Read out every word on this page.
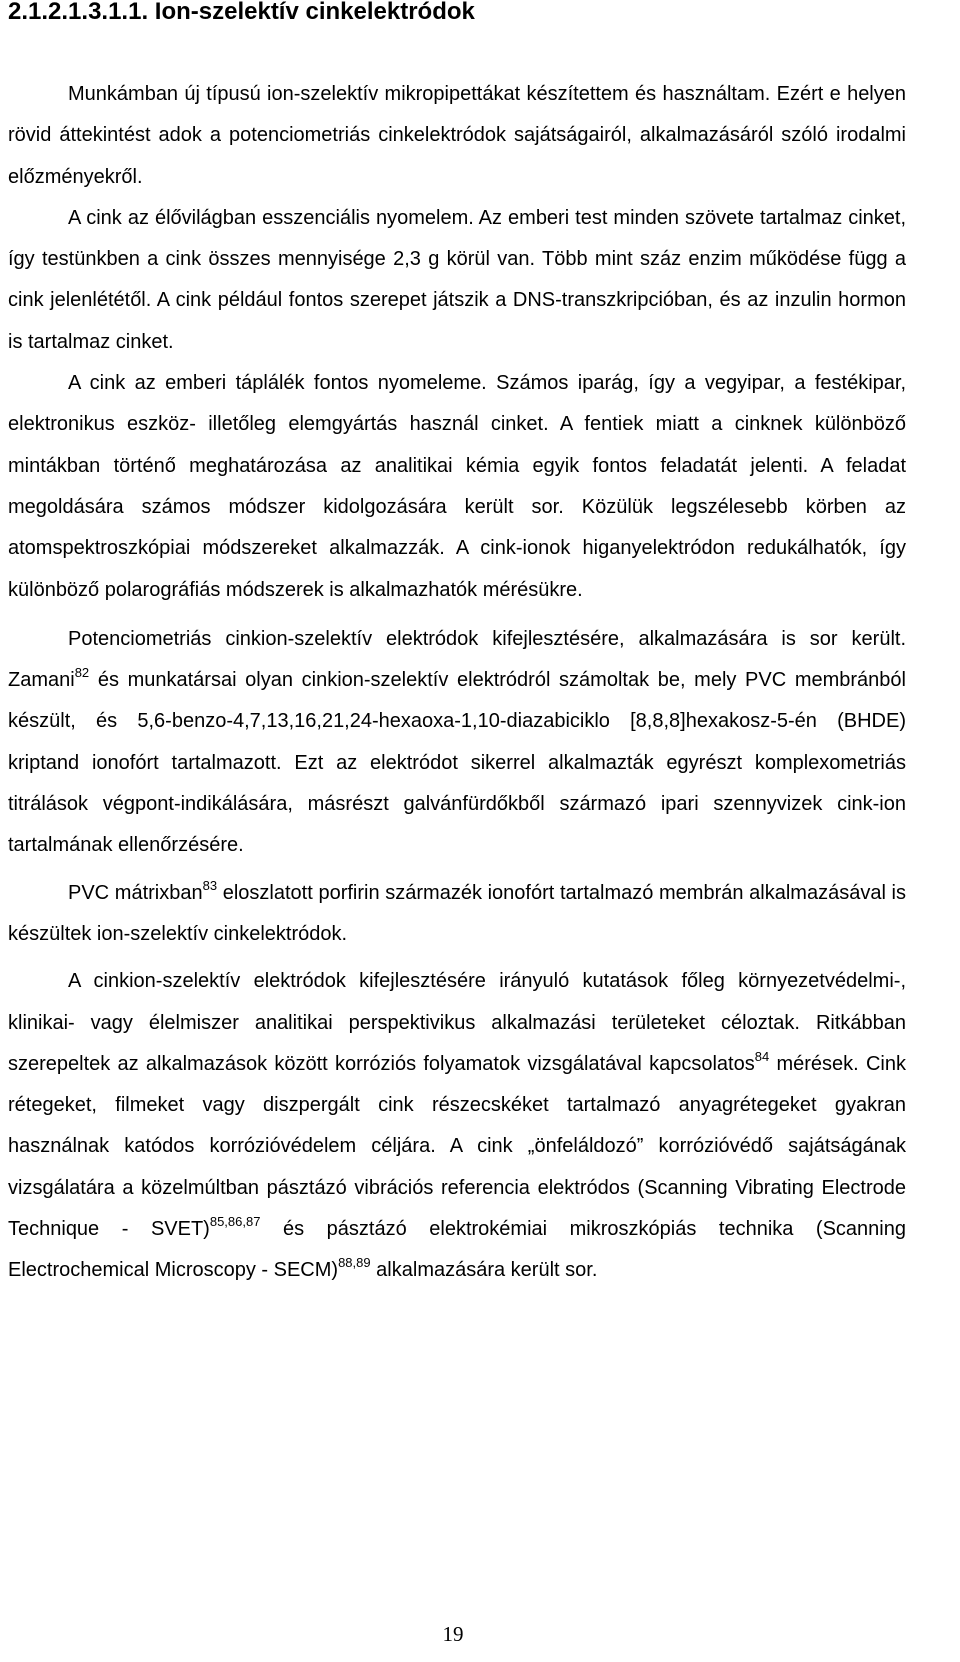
2.1.2.1.3.1.1. Ion-szelektív cinkelektródok

Munkámban új típusú ion-szelektív mikropipettákat készítettem és használtam. Ezért e helyen rövid áttekintést adok a potenciometriás cinkelektródok sajátságairól, alkalmazásáról szóló irodalmi előzményekről.

A cink az élővilágban esszenciális nyomelem. Az emberi test minden szövete tartalmaz cinket, így testünkben a cink összes mennyisége 2,3 g körül van. Több mint száz enzim működése függ a cink jelenlététől. A cink például fontos szerepet játszik a DNS-transzkripcióban, és az inzulin hormon is tartalmaz cinket.

A cink az emberi táplálék fontos nyomeleme. Számos iparág, így a vegyipar, a festékipar, elektronikus eszköz- illetőleg elemgyártás használ cinket. A fentiek miatt a cinknek különböző mintákban történő meghatározása az analitikai kémia egyik fontos feladatát jelenti. A feladat megoldására számos módszer kidolgozására került sor. Közülük legszélesebb körben az atomspektroszkópiai módszereket alkalmazzák. A cink-ionok higanyelektródon redukálhatók, így különböző polarográfiás módszerek is alkalmazhatók mérésükre.

Potenciometriás cinkion-szelektív elektródok kifejlesztésére, alkalmazására is sor került. Zamani$^{82}$ és munkatársai olyan cinkion-szelektív elektródról számoltak be, mely PVC membránból készült, és 5,6-benzo-4,7,13,16,21,24-hexaoxa-1,10-diazabiciklo [8,8,8]hexakosz-5-én (BHDE) kriptand ionofórt tartalmazott. Ezt az elektródot sikerrel alkalmazták egyrészt komplexometriás titrálások végpont-indikálására, másrészt galvánfürdőkből származó ipari szennyvizek cink-ion tartalmának ellenőrzésére.

PVC mátrixban$^{83}$ eloszlatott porfirin származék ionofórt tartalmazó membrán alkalmazásával is készültek ion-szelektív cinkelektródok.

A cinkion-szelektív elektródok kifejlesztésére irányuló kutatások főleg környezetvédelmi-, klinikai- vagy élelmiszer analitikai perspektivikus alkalmazási területeket céloztak. Ritkábban szerepeltek az alkalmazások között korróziós folyamatok vizsgálatával kapcsolatos$^{84}$ mérések. Cink rétegeket, filmeket vagy diszpergált cink részecskéket tartalmazó anyagrétegeket gyakran használnak katódos korrózióvédelem céljára. A cink „önfeláldozó” korrózióvédő sajátságának vizsgálatára a közelmúltban pásztázó vibrációs referencia elektródos (Scanning Vibrating Electrode Technique - SVET)$^{85,86,87}$ és pásztázó elektrokémiai mikroszkópiás technika (Scanning Electrochemical Microscopy - SECM)$^{88,89}$ alkalmazására került sor.

19
